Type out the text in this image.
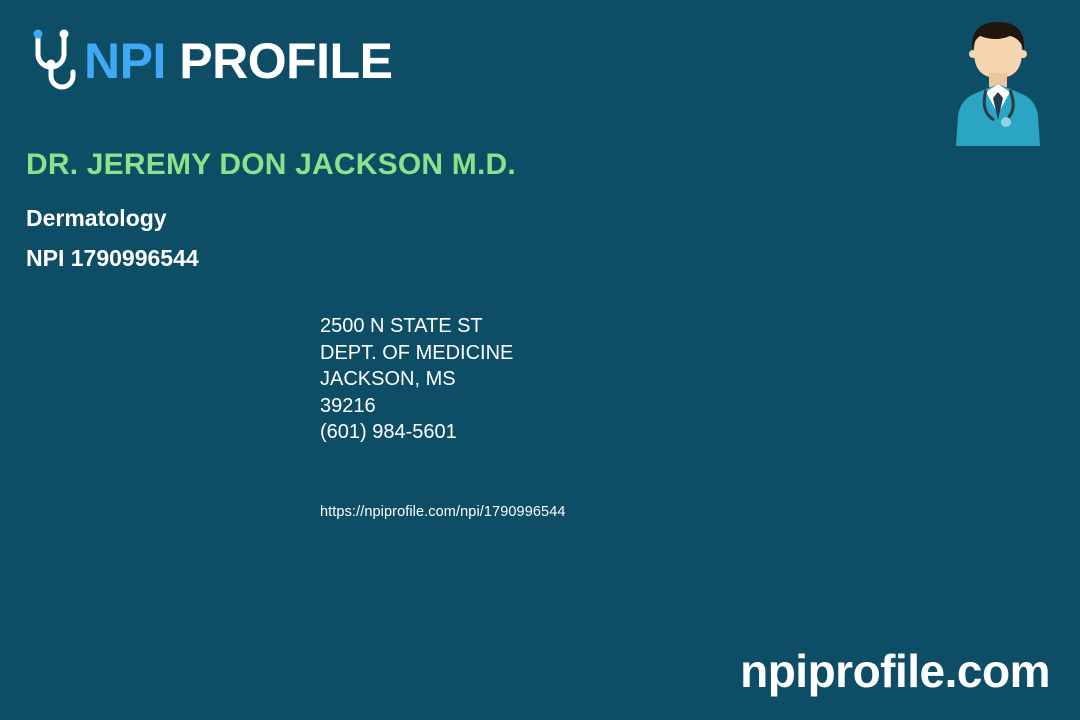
NPI PROFILE
DR. JEREMY DON JACKSON M.D.
Dermatology
NPI 1790996544
2500 N STATE ST
DEPT. OF MEDICINE
JACKSON, MS
39216
(601) 984-5601
https://npiprofile.com/npi/1790996544
npiprofile.com
